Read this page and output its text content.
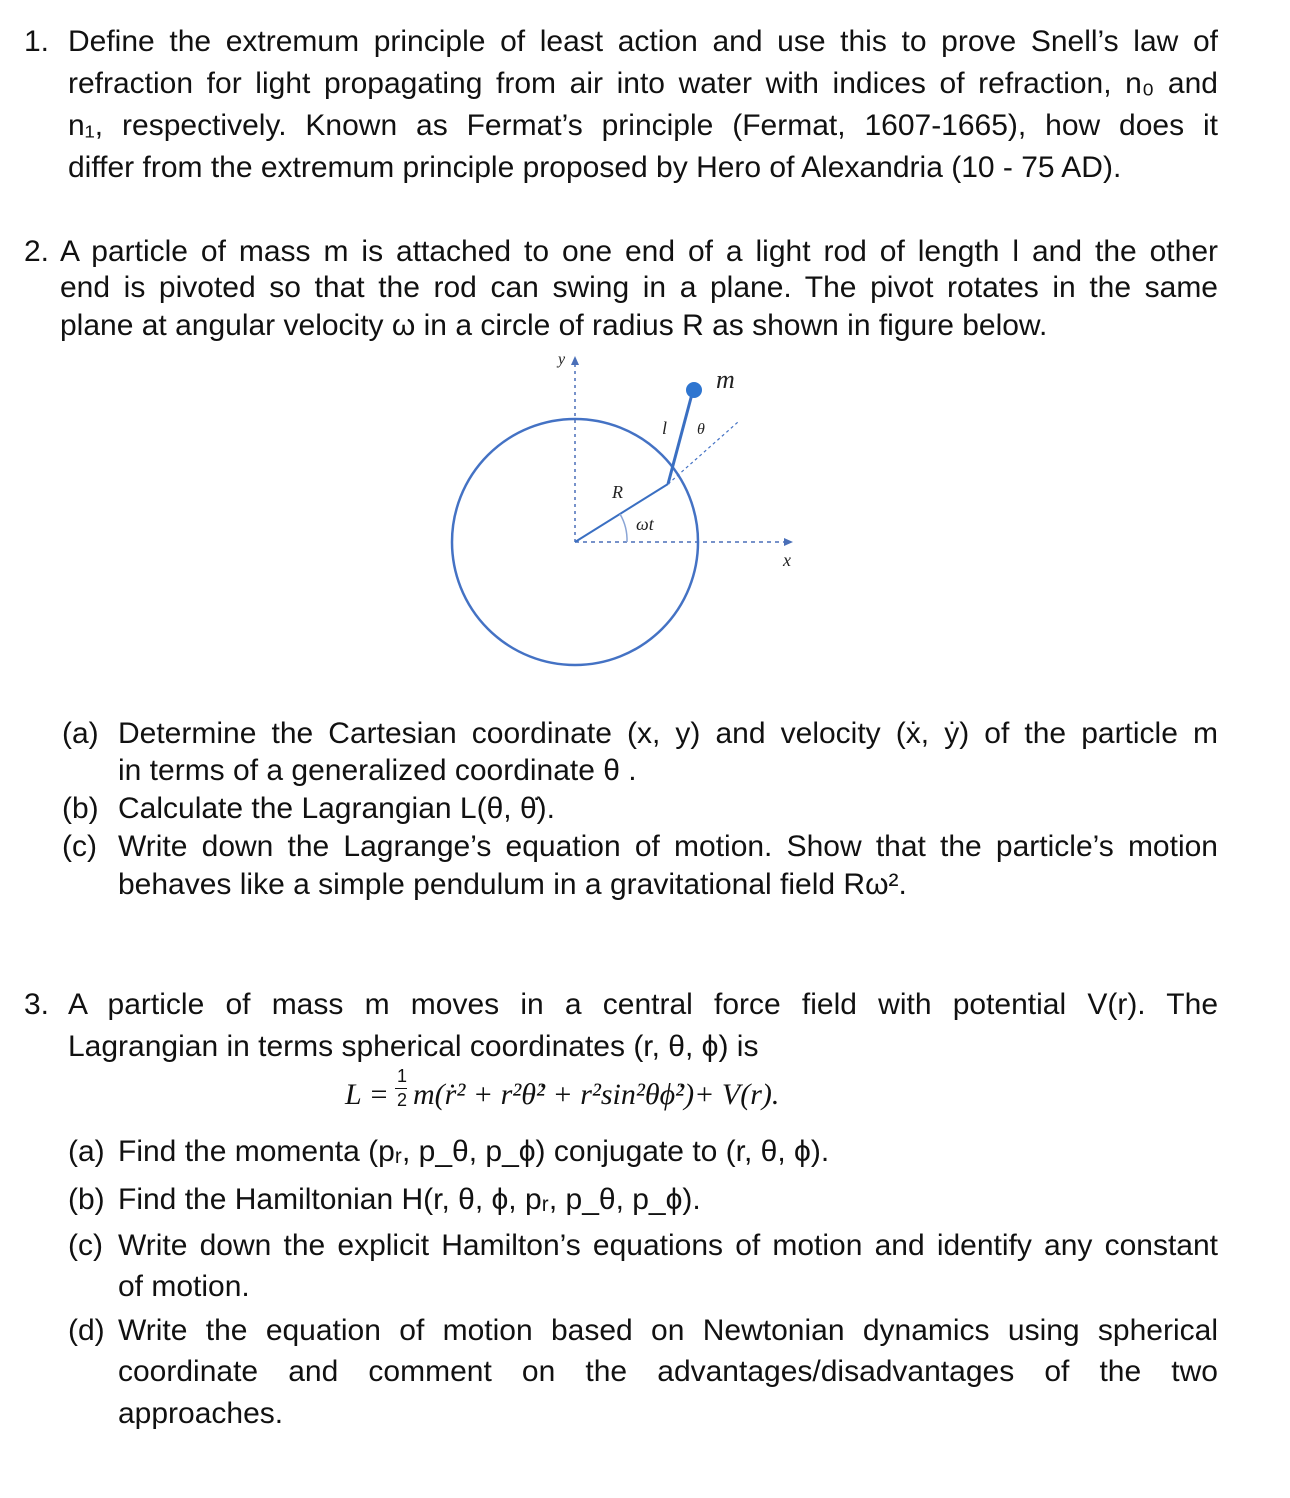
1. Define the extremum principle of least action and use this to prove Snell’s law of
refraction for light propagating from air into water with indices of refraction, n₀ and
n₁, respectively. Known as Fermat’s principle (Fermat, 1607-1665), how does it
differ from the extremum principle proposed by Hero of Alexandria (10 - 75 AD).
2. A particle of mass m is attached to one end of a light rod of length l and the other
end is pivoted so that the rod can swing in a plane. The pivot rotates in the same
plane at angular velocity ω in a circle of radius R as shown in figure below.
y
x
R
ωt
l θ
m
(a) Determine the Cartesian coordinate (x, y) and velocity (ẋ, ẏ) of the particle m
in terms of a generalized coordinate θ .
(b) Calculate the Lagrangian L(θ, θ̇).
(c) Write down the Lagrange’s equation of motion. Show that the particle’s motion
behaves like a simple pendulum in a gravitational field Rω².
3. A particle of mass m moves in a central force field with potential V(r). The
Lagrangian in terms spherical coordinates (r, θ, ϕ) is
L =
1
2 m(ṙ² + r²θ̇² + r²sin²θϕ̇²)+ V(r).
(a) Find the momenta (pᵣ, p_θ, p_ϕ) conjugate to (r, θ, ϕ).
(b) Find the Hamiltonian H(r, θ, ϕ, pᵣ, p_θ, p_ϕ).
(c) Write down the explicit Hamilton’s equations of motion and identify any constant
of motion.
(d) Write the equation of motion based on Newtonian dynamics using spherical
coordinate and comment on the advantages/disadvantages of the two
approaches.
